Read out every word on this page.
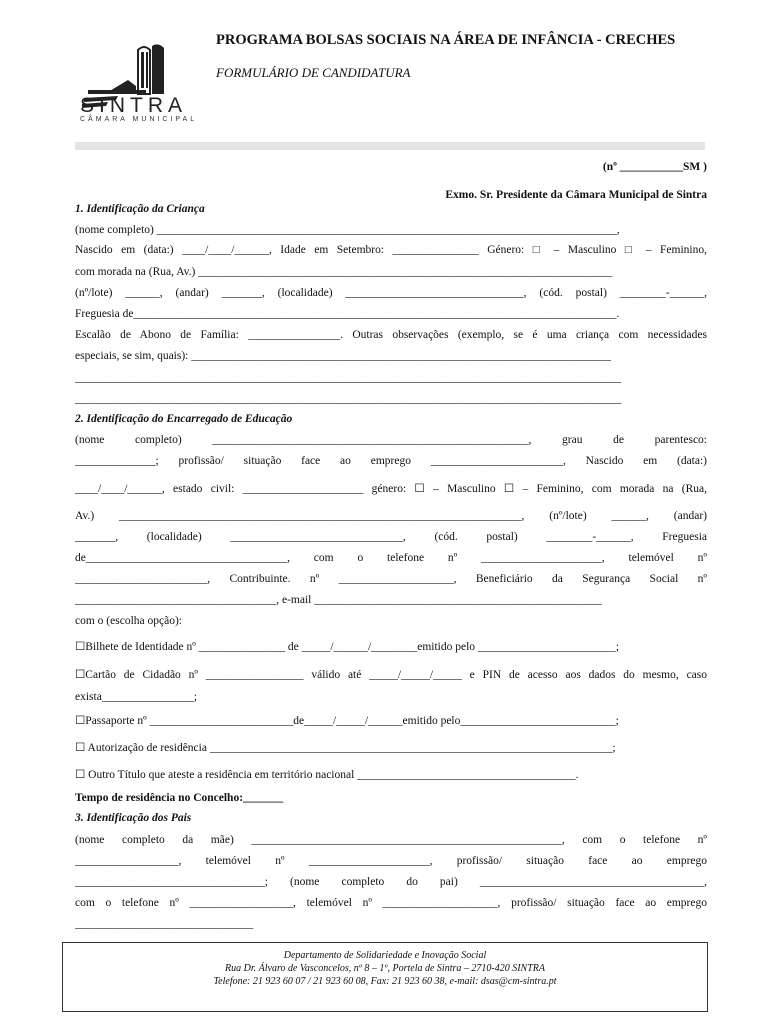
SINTRA
CÂMARA MUNICIPAL
PROGRAMA BOLSAS SOCIAIS NA ÁREA DE INFÂNCIA - CRECHES
FORMULÁRIO DE CANDIDATURA
(nº ___________SM )
Exmo. Sr. Presidente da Câmara Municipal de Sintra
1. Identificação da Criança
(nome completo) ________________________________________________________________________________,
Nascido em (data:) ____/____/______, Idade em Setembro: _______________ Género: □ – Masculino □ – Feminino,
com morada na (Rua, Av.) ________________________________________________________________________
(nº/lote) ______, (andar) _______, (localidade) _______________________________, (cód. postal) ________-______,
Freguesia de____________________________________________________________________________________.
Escalão de Abono de Família: ________________. Outras observações (exemplo, se é uma criança com necessidades
especiais, se sim, quais): _________________________________________________________________________
_______________________________________________________________________________________________
_______________________________________________________________________________________________
2. Identificação do Encarregado de Educação
(nome completo) _______________________________________________________, grau de parentesco:
______________; profissão/ situação face ao emprego _______________________, Nascido em (data:)
____/____/______, estado civil: _____________________ género: ☐ – Masculino ☐ – Feminino, com morada na (Rua,
Av.) ______________________________________________________________________, (nº/lote) ______, (andar)
_______, (localidade) ______________________________, (cód. postal) ________-______, Freguesia
de___________________________________, com o telefone nº _____________________, telemóvel nº
_______________________, Contribuinte. nº ____________________, Beneficiário da Segurança Social nº
___________________________________, e-mail __________________________________________________
com o (escolha opção):
☐Bilhete de Identidade nº _______________ de _____/______/________emitido pelo ________________________;
☐Cartão de Cidadão nº _________________ válido até _____/_____/_____ e PIN de acesso aos dados do mesmo, caso
exista________________;
☐Passaporte nº _________________________de_____/_____/______emitido pelo___________________________;
☐ Autorização de residência ______________________________________________________________________;
☐ Outro Título que ateste a residência em território nacional ______________________________________.
Tempo de residência no Concelho:_______
3. Identificação dos Pais
(nome completo da mãe) ______________________________________________________, com o telefone nº
__________________, telemóvel nº _____________________, profissão/ situação face ao emprego
_________________________________; (nome completo do pai) _______________________________________,
com o telefone nº __________________, telemóvel nº ____________________, profissão/ situação face ao emprego
_______________________________
Departamento de Solidariedade e Inovação Social
Rua Dr. Álvaro de Vasconcelos, nº 8 – 1º, Portela de Sintra – 2710-420 SINTRA
Telefone: 21 923 60 07 / 21 923 60 08, Fax: 21 923 60 38, e-mail: dsas@cm-sintra.pt
